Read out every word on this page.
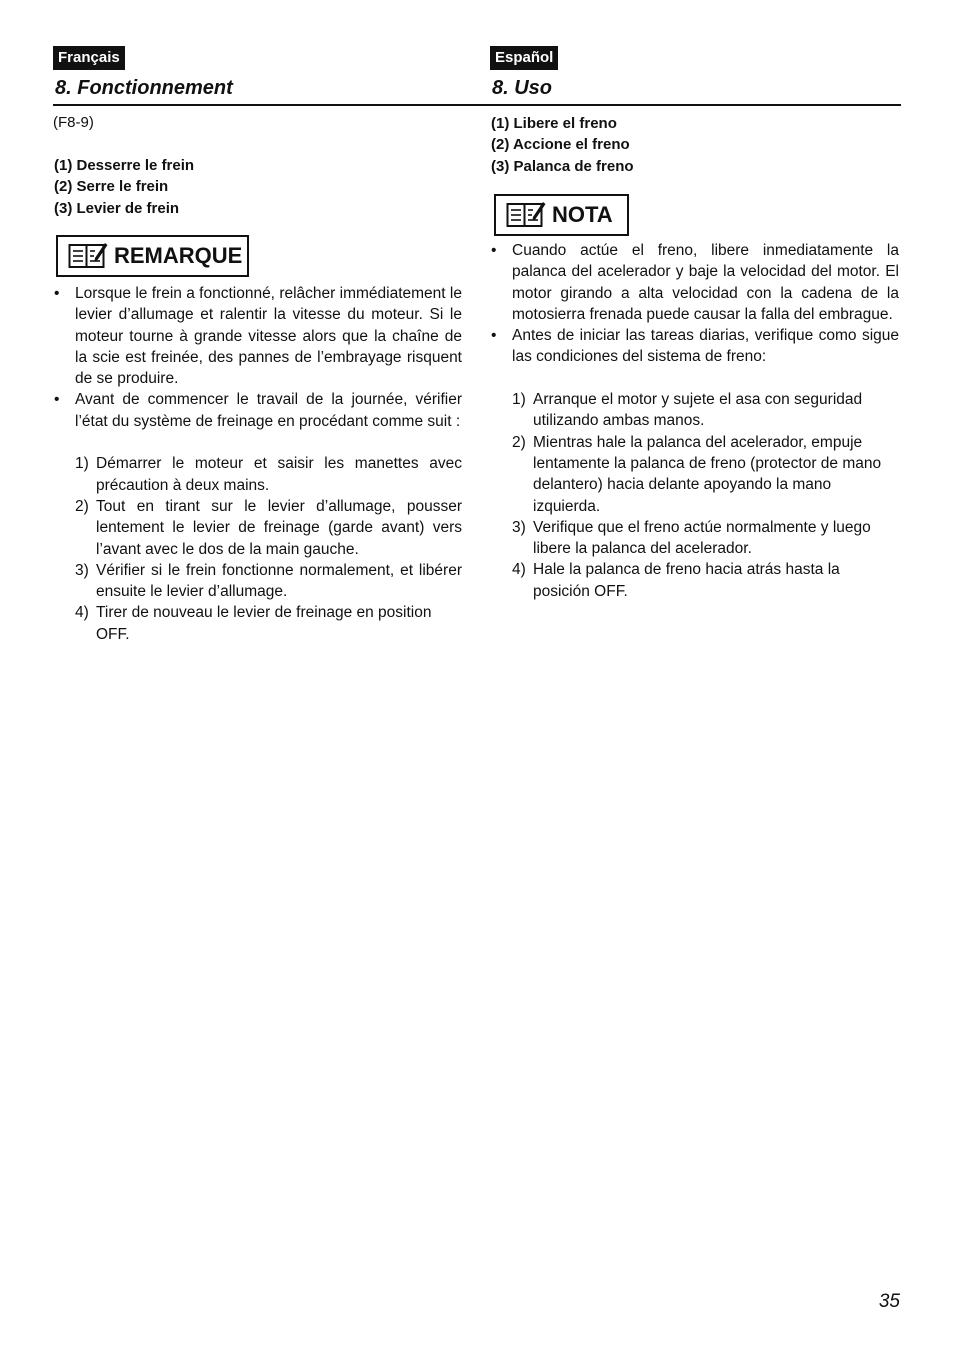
Français
8. Fonctionnement
Español
8. Uso
(F8-9)
(1) Desserre le frein
(2) Serre le frein
(3) Levier de frein
(1) Libere el freno
(2) Accione el freno
(3) Palanca de freno
REMARQUE
NOTA
• Lorsque le frein a fonctionné, relâcher immédiatement le levier d’allumage et ralentir la vitesse du moteur. Si le moteur tourne à grande vitesse alors que la chaîne de la scie est freinée, des pannes de l’embrayage risquent de se produire.
• Avant de commencer le travail de la journée, vérifier l’état du système de freinage en procédant comme suit :
1) Démarrer le moteur et saisir les manettes avec précaution à deux mains.
2) Tout en tirant sur le levier d’allumage, pousser lentement le levier de freinage (garde avant) vers l’avant avec le dos de la main gauche.
3) Vérifier si le frein fonctionne normalement, et libérer ensuite le levier d’allumage.
4) Tirer de nouveau le levier de freinage en position OFF.
• Cuando actúe el freno, libere inmediatamente la palanca del acelerador y baje la velocidad del motor. El motor girando a alta velocidad con la cadena de la motosierra frenada puede causar la falla del embrague.
• Antes de iniciar las tareas diarias, verifique como sigue las condiciones del sistema de freno:
1) Arranque el motor y sujete el asa con seguridad utilizando ambas manos.
2) Mientras hale la palanca del acelerador, empuje lentamente la palanca de freno (protector de mano delantero) hacia delante apoyando la mano izquierda.
3) Verifique que el freno actúe normalmente y luego libere la palanca del acelerador.
4) Hale la palanca de freno hacia atrás hasta la posición OFF.
35
